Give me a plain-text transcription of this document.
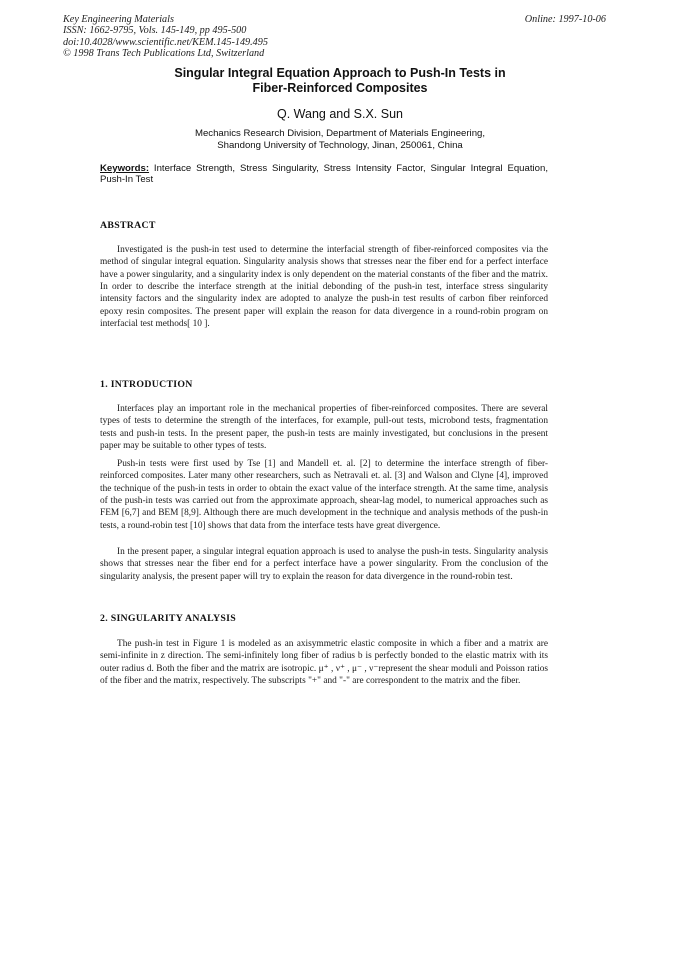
Key Engineering Materials
ISSN: 1662-9795, Vols. 145-149, pp 495-500
doi:10.4028/www.scientific.net/KEM.145-149.495
© 1998 Trans Tech Publications Ltd, Switzerland
Online: 1997-10-06
Singular Integral Equation Approach to Push-In Tests in
Fiber-Reinforced Composites
Q. Wang and S.X. Sun
Mechanics Research Division, Department of Materials Engineering,
Shandong University of Technology, Jinan, 250061, China
Keywords: Interface Strength, Stress Singularity, Stress Intensity Factor, Singular Integral Equation, Push-In Test
ABSTRACT

Investigated is the push-in test used to determine the interfacial strength of fiber-reinforced composites via the method of singular integral equation. Singularity analysis shows that stresses near the fiber end for a perfect interface have a power singularity, and a singularity index is only dependent on the material constants of the fiber and the matrix. In order to describe the interface strength at the initial debonding of the push-in test, interface stress singularity intensity factors and the singularity index are adopted to analyze the push-in test results of carbon fiber reinforced epoxy resin composites. The present paper will explain the reason for data divergence in a round-robin program on interfacial test methods[ 10 ].

1. INTRODUCTION

Interfaces play an important role in the mechanical properties of fiber-reinforced composites. There are several types of tests to determine the strength of the interfaces, for example, pull-out tests, microbond tests, fragmentation tests and push-in tests. In the present paper, the push-in tests are mainly investigated, but conclusions in the present paper may be suitable to other types of tests.

Push-in tests were first used by Tse [1] and Mandell et. al. [2] to determine the interface strength of fiber-reinforced composites. Later many other researchers, such as Netravali et. al. [3] and Walson and Clyne [4], improved the technique of the push-in tests in order to obtain the exact value of the interface strength. At the same time, analysis of the push-in tests was carried out from the approximate approach, shear-lag model, to numerical approaches such as FEM [6,7] and BEM [8,9]. Although there are much development in the technique and analysis methods of the push-in tests, a round-robin test [10] shows that data from the interface tests have great divergence.

In the present paper, a singular integral equation approach is used to analyse the push-in tests. Singularity analysis shows that stresses near the fiber end for a perfect interface have a power singularity. From the conclusion of the singularity analysis, the present paper will try to explain the reason for data divergence in the round-robin test.

2. SINGULARITY ANALYSIS

The push-in test in Figure 1 is modeled as an axisymmetric elastic composite in which a fiber and a matrix are semi-infinite in z direction. The semi-infinitely long fiber of radius b is perfectly bonded to the elastic matrix with its outer radius d. Both the fiber and the matrix are isotropic. μ⁺ , ν⁺ , μ⁻ , ν⁻represent the shear moduli and Poisson ratios of the fiber and the matrix, respectively. The subscripts "+" and "-" are correspondent to the matrix and the fiber.
